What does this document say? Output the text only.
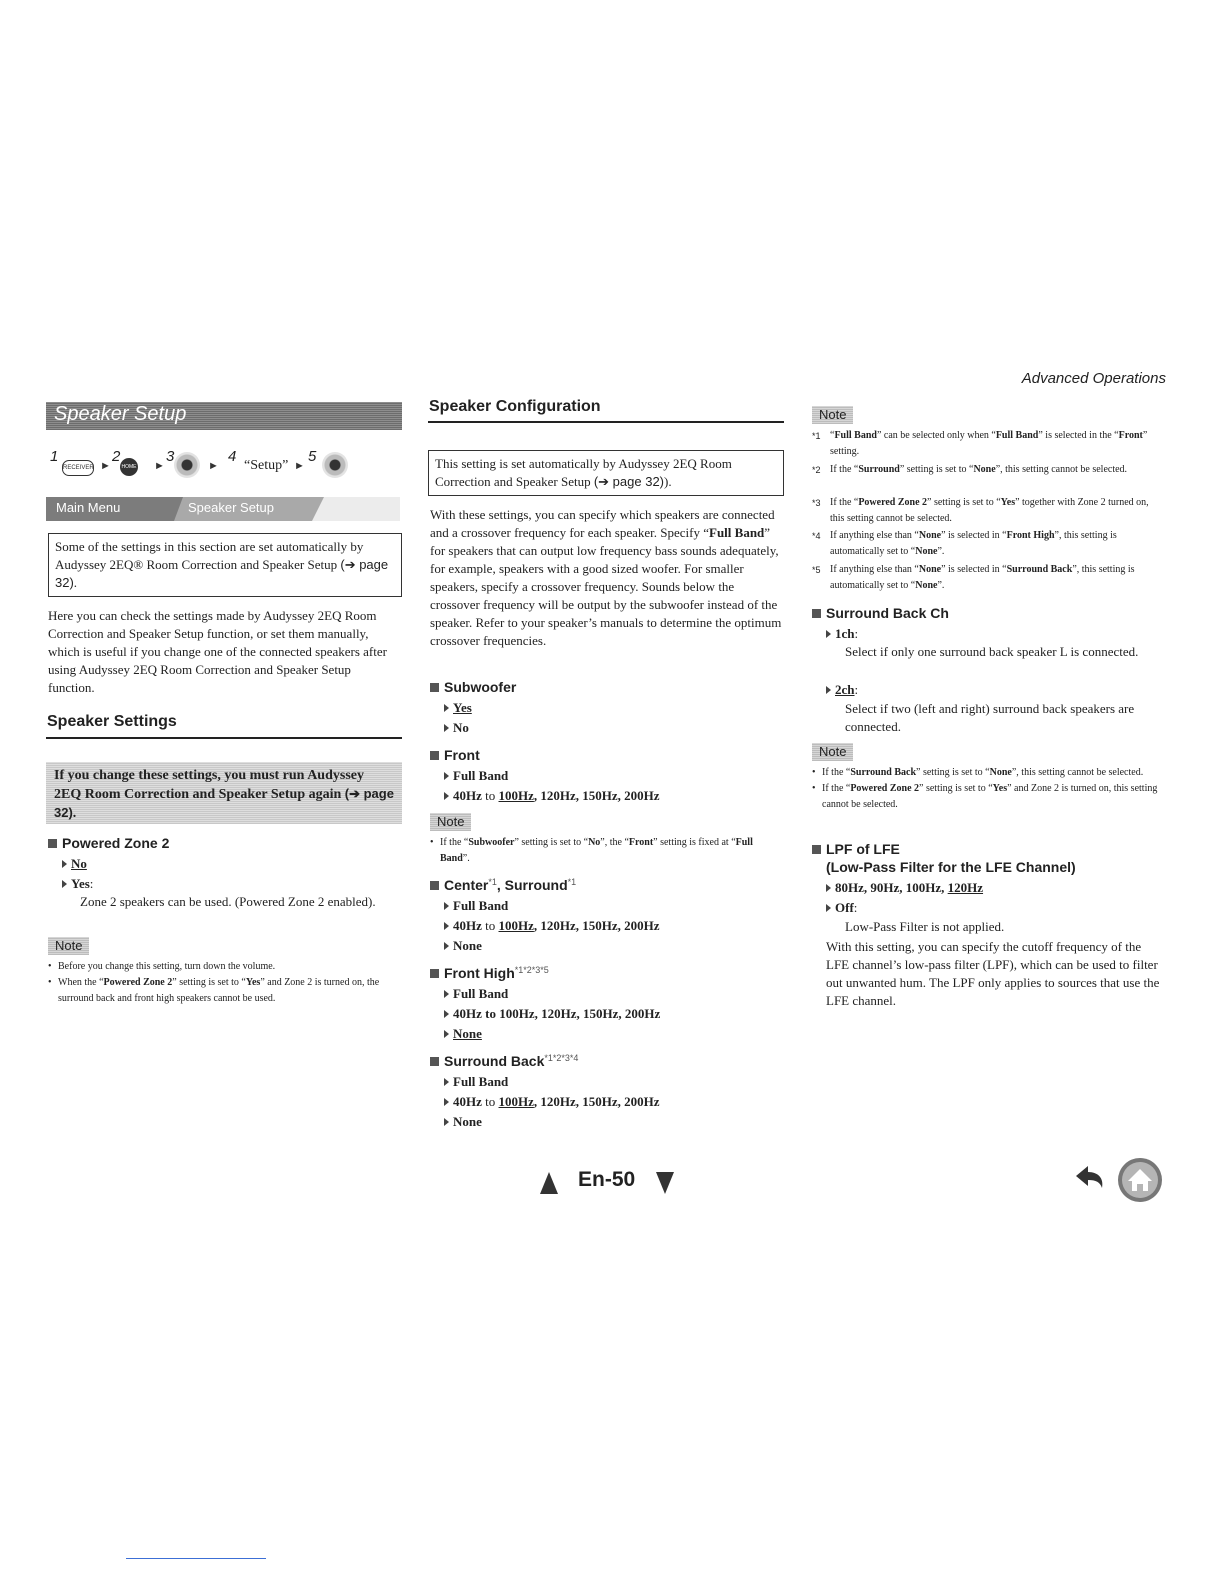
Advanced Operations
Speaker Setup
1
RECEIVER ►
2
HOME ►
3
►
4
“Setup” ►
5
Main Menu	Speaker Setup
Some of the settings in this section are set automatically by Audyssey 2EQ® Room Correction and Speaker Setup (➔ page 32).
Here you can check the settings made by Audyssey 2EQ Room Correction and Speaker Setup function, or set them manually, which is useful if you change one of the connected speakers after using Audyssey 2EQ Room Correction and Speaker Setup function.
Speaker Settings
If you change these settings, you must run Audyssey 2EQ Room Correction and Speaker Setup again (➔ page 32).
Powered Zone 2
No
Yes:
Zone 2 speakers can be used. (Powered Zone 2 enabled).
Note
• Before you change this setting, turn down the volume.
• When the “Powered Zone 2” setting is set to “Yes” and Zone 2 is turned on, the surround back and front high speakers cannot be used.
Speaker Configuration
This setting is set automatically by Audyssey 2EQ Room Correction and Speaker Setup (➔ page 32)).
With these settings, you can specify which speakers are connected and a crossover frequency for each speaker. Specify “Full Band” for speakers that can output low frequency bass sounds adequately, for example, speakers with a good sized woofer. For smaller speakers, specify a crossover frequency. Sounds below the crossover frequency will be output by the subwoofer instead of the speaker. Refer to your speaker’s manuals to determine the optimum crossover frequencies.
Subwoofer
Yes
No
Front
Full Band
40Hz to 100Hz, 120Hz, 150Hz, 200Hz
Note
• If the “Subwoofer” setting is set to “No”, the “Front” setting is fixed at “Full Band”.
Center$^{*1}$, Surround$^{*1}$
Full Band
40Hz to 100Hz, 120Hz, 150Hz, 200Hz
None
Front High$^{*1*2*3*5}$
Full Band
40Hz to 100Hz, 120Hz, 150Hz, 200Hz
None
Surround Back$^{*1*2*3*4}$
Full Band
40Hz to 100Hz, 120Hz, 150Hz, 200Hz
None
Note
*1 “Full Band” can be selected only when “Full Band” is selected in the “Front” setting.
*2 If the “Surround” setting is set to “None”, this setting cannot be selected.
*3 If the “Powered Zone 2” setting is set to “Yes” together with Zone 2 turned on, this setting cannot be selected.
*4 If anything else than “None” is selected in “Front High”, this setting is automatically set to “None”.
*5 If anything else than “None” is selected in “Surround Back”, this setting is automatically set to “None”.
Surround Back Ch
1ch:
Select if only one surround back speaker L is connected.
2ch:
Select if two (left and right) surround back speakers are connected.
Note
• If the “Surround Back” setting is set to “None”, this setting cannot be selected.
• If the “Powered Zone 2” setting is set to “Yes” and Zone 2 is turned on, this setting cannot be selected.
LPF of LFE
(Low-Pass Filter for the LFE Channel)
80Hz, 90Hz, 100Hz, 120Hz
Off:
Low-Pass Filter is not applied.
With this setting, you can specify the cutoff frequency of the LFE channel’s low-pass filter (LPF), which can be used to filter out unwanted hum. The LPF only applies to sources that use the LFE channel.
En-50
